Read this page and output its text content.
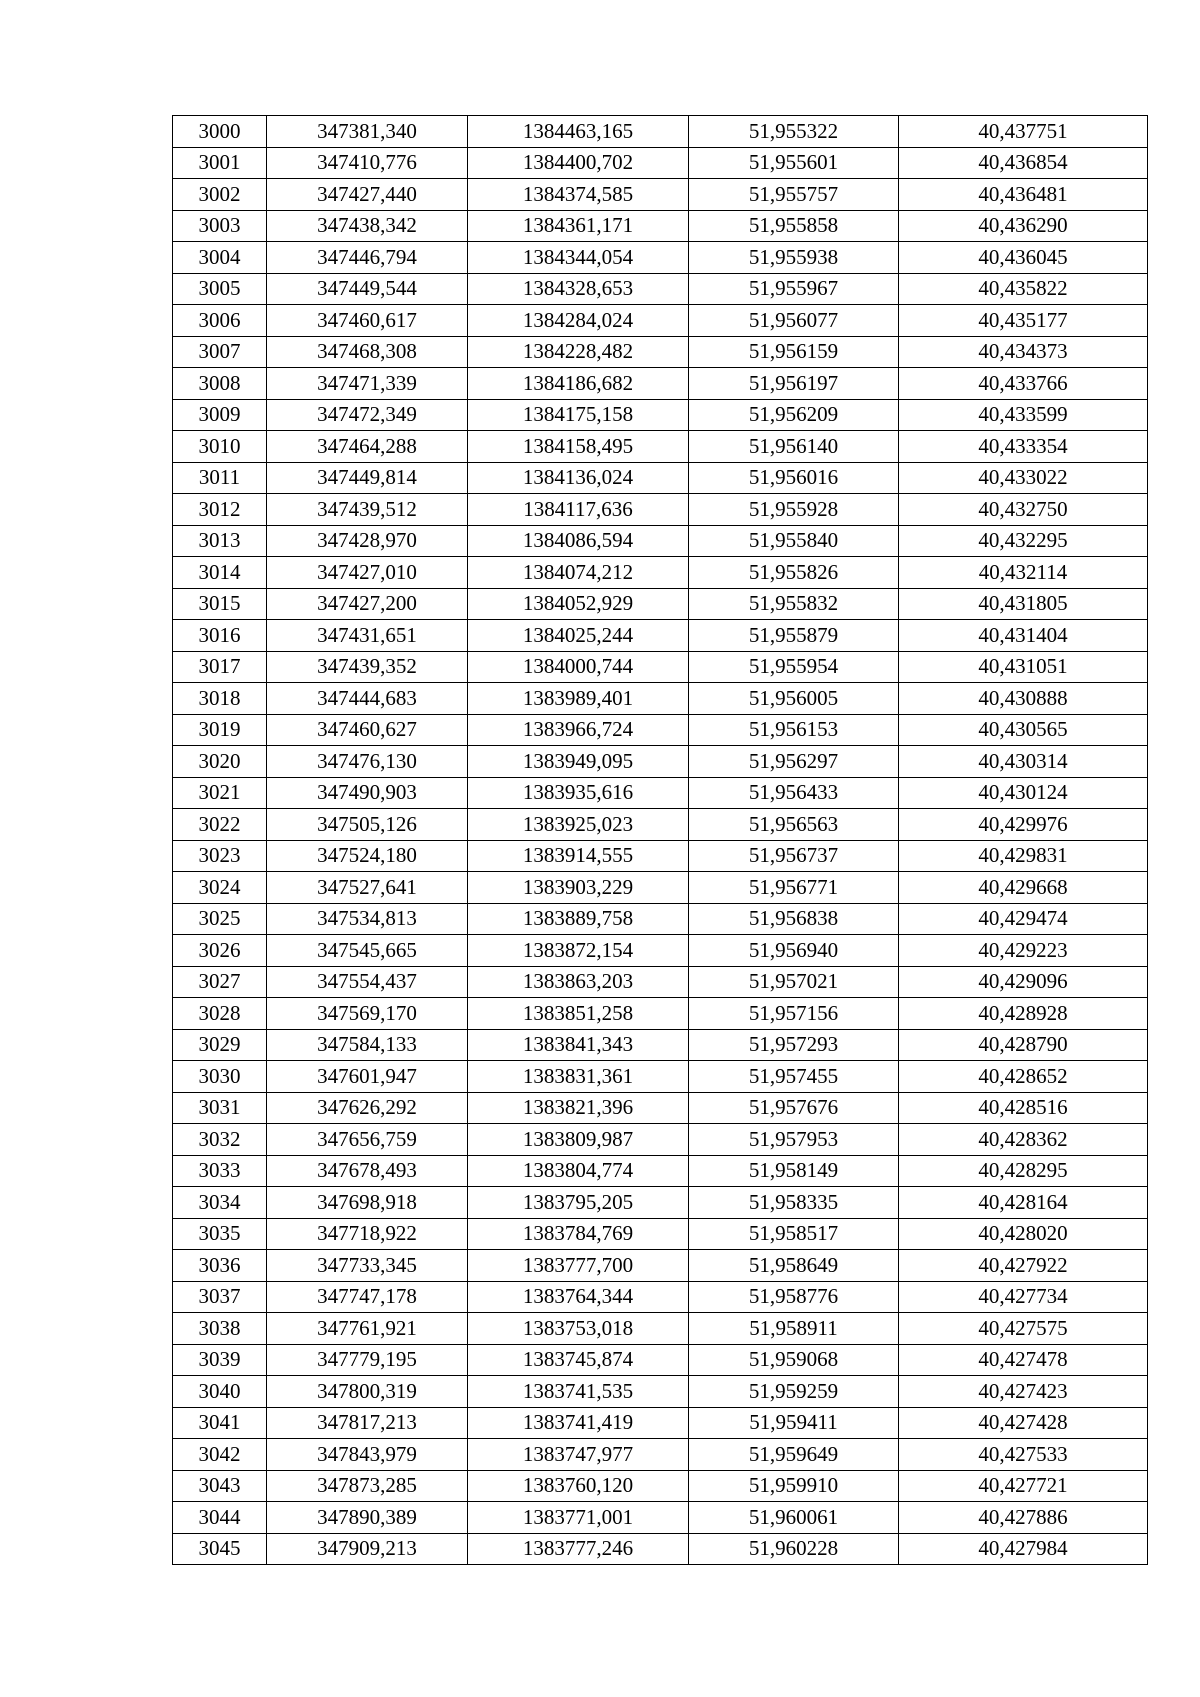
3000	347381,340	1384463,165	51,955322	40,437751
3001	347410,776	1384400,702	51,955601	40,436854
3002	347427,440	1384374,585	51,955757	40,436481
3003	347438,342	1384361,171	51,955858	40,436290
3004	347446,794	1384344,054	51,955938	40,436045
3005	347449,544	1384328,653	51,955967	40,435822
3006	347460,617	1384284,024	51,956077	40,435177
3007	347468,308	1384228,482	51,956159	40,434373
3008	347471,339	1384186,682	51,956197	40,433766
3009	347472,349	1384175,158	51,956209	40,433599
3010	347464,288	1384158,495	51,956140	40,433354
3011	347449,814	1384136,024	51,956016	40,433022
3012	347439,512	1384117,636	51,955928	40,432750
3013	347428,970	1384086,594	51,955840	40,432295
3014	347427,010	1384074,212	51,955826	40,432114
3015	347427,200	1384052,929	51,955832	40,431805
3016	347431,651	1384025,244	51,955879	40,431404
3017	347439,352	1384000,744	51,955954	40,431051
3018	347444,683	1383989,401	51,956005	40,430888
3019	347460,627	1383966,724	51,956153	40,430565
3020	347476,130	1383949,095	51,956297	40,430314
3021	347490,903	1383935,616	51,956433	40,430124
3022	347505,126	1383925,023	51,956563	40,429976
3023	347524,180	1383914,555	51,956737	40,429831
3024	347527,641	1383903,229	51,956771	40,429668
3025	347534,813	1383889,758	51,956838	40,429474
3026	347545,665	1383872,154	51,956940	40,429223
3027	347554,437	1383863,203	51,957021	40,429096
3028	347569,170	1383851,258	51,957156	40,428928
3029	347584,133	1383841,343	51,957293	40,428790
3030	347601,947	1383831,361	51,957455	40,428652
3031	347626,292	1383821,396	51,957676	40,428516
3032	347656,759	1383809,987	51,957953	40,428362
3033	347678,493	1383804,774	51,958149	40,428295
3034	347698,918	1383795,205	51,958335	40,428164
3035	347718,922	1383784,769	51,958517	40,428020
3036	347733,345	1383777,700	51,958649	40,427922
3037	347747,178	1383764,344	51,958776	40,427734
3038	347761,921	1383753,018	51,958911	40,427575
3039	347779,195	1383745,874	51,959068	40,427478
3040	347800,319	1383741,535	51,959259	40,427423
3041	347817,213	1383741,419	51,959411	40,427428
3042	347843,979	1383747,977	51,959649	40,427533
3043	347873,285	1383760,120	51,959910	40,427721
3044	347890,389	1383771,001	51,960061	40,427886
3045	347909,213	1383777,246	51,960228	40,427984
